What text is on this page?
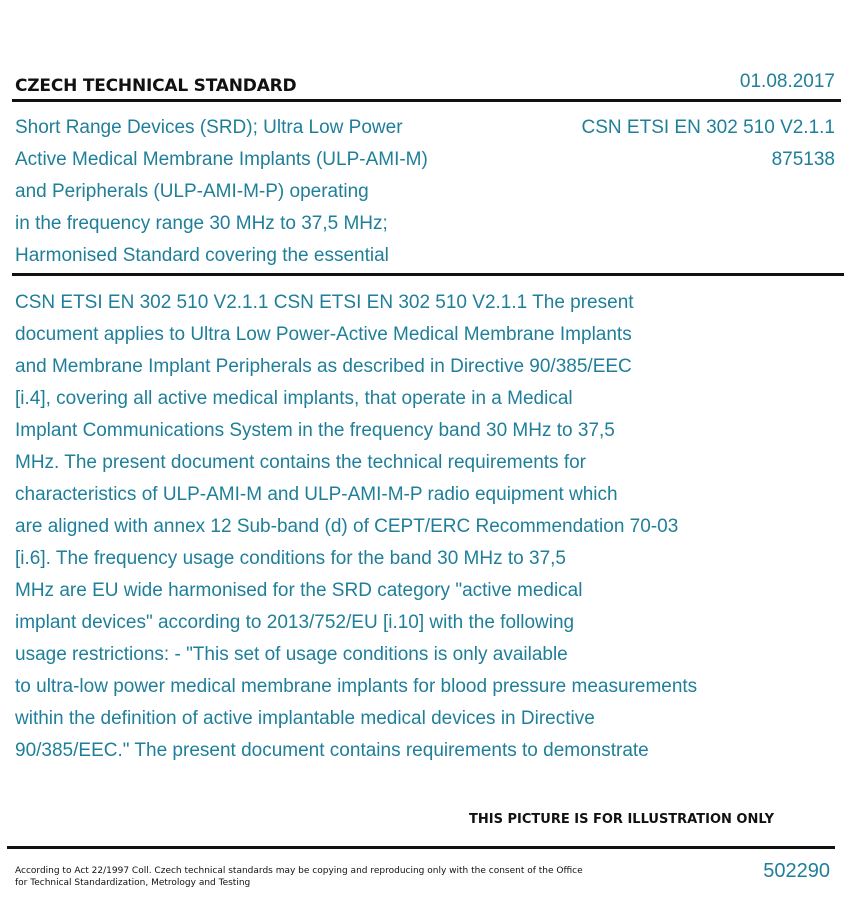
CZECH TECHNICAL STANDARD	01.08.2017
Short Range Devices (SRD); Ultra Low Power
Active Medical Membrane Implants (ULP-AMI-M)
and Peripherals (ULP-AMI-M-P) operating
in the frequency range 30 MHz to 37,5 MHz;
Harmonised Standard covering the essential
CSN ETSI EN 302 510 V2.1.1
875138
CSN ETSI EN 302 510 V2.1.1 CSN ETSI EN 302 510 V2.1.1 The present
document applies to Ultra Low Power-Active Medical Membrane Implants
and Membrane Implant Peripherals as described in Directive 90/385/EEC
[i.4], covering all active medical implants, that operate in a Medical
Implant Communications System in the frequency band 30 MHz to 37,5
MHz. The present document contains the technical requirements for
characteristics of ULP-AMI-M and ULP-AMI-M-P radio equipment which
are aligned with annex 12 Sub-band (d) of CEPT/ERC Recommendation 70-03
[i.6]. The frequency usage conditions for the band 30 MHz to 37,5
MHz are EU wide harmonised for the SRD category "active medical
implant devices" according to 2013/752/EU [i.10] with the following
usage restrictions: - "This set of usage conditions is only available
to ultra-low power medical membrane implants for blood pressure measurements
within the definition of active implantable medical devices in Directive
90/385/EEC." The present document contains requirements to demonstrate
THIS PICTURE IS FOR ILLUSTRATION ONLY
According to Act 22/1997 Coll. Czech technical standards may be copying and reproducing only with the consent of the Office
for Technical Standardization, Metrology and Testing
502290
